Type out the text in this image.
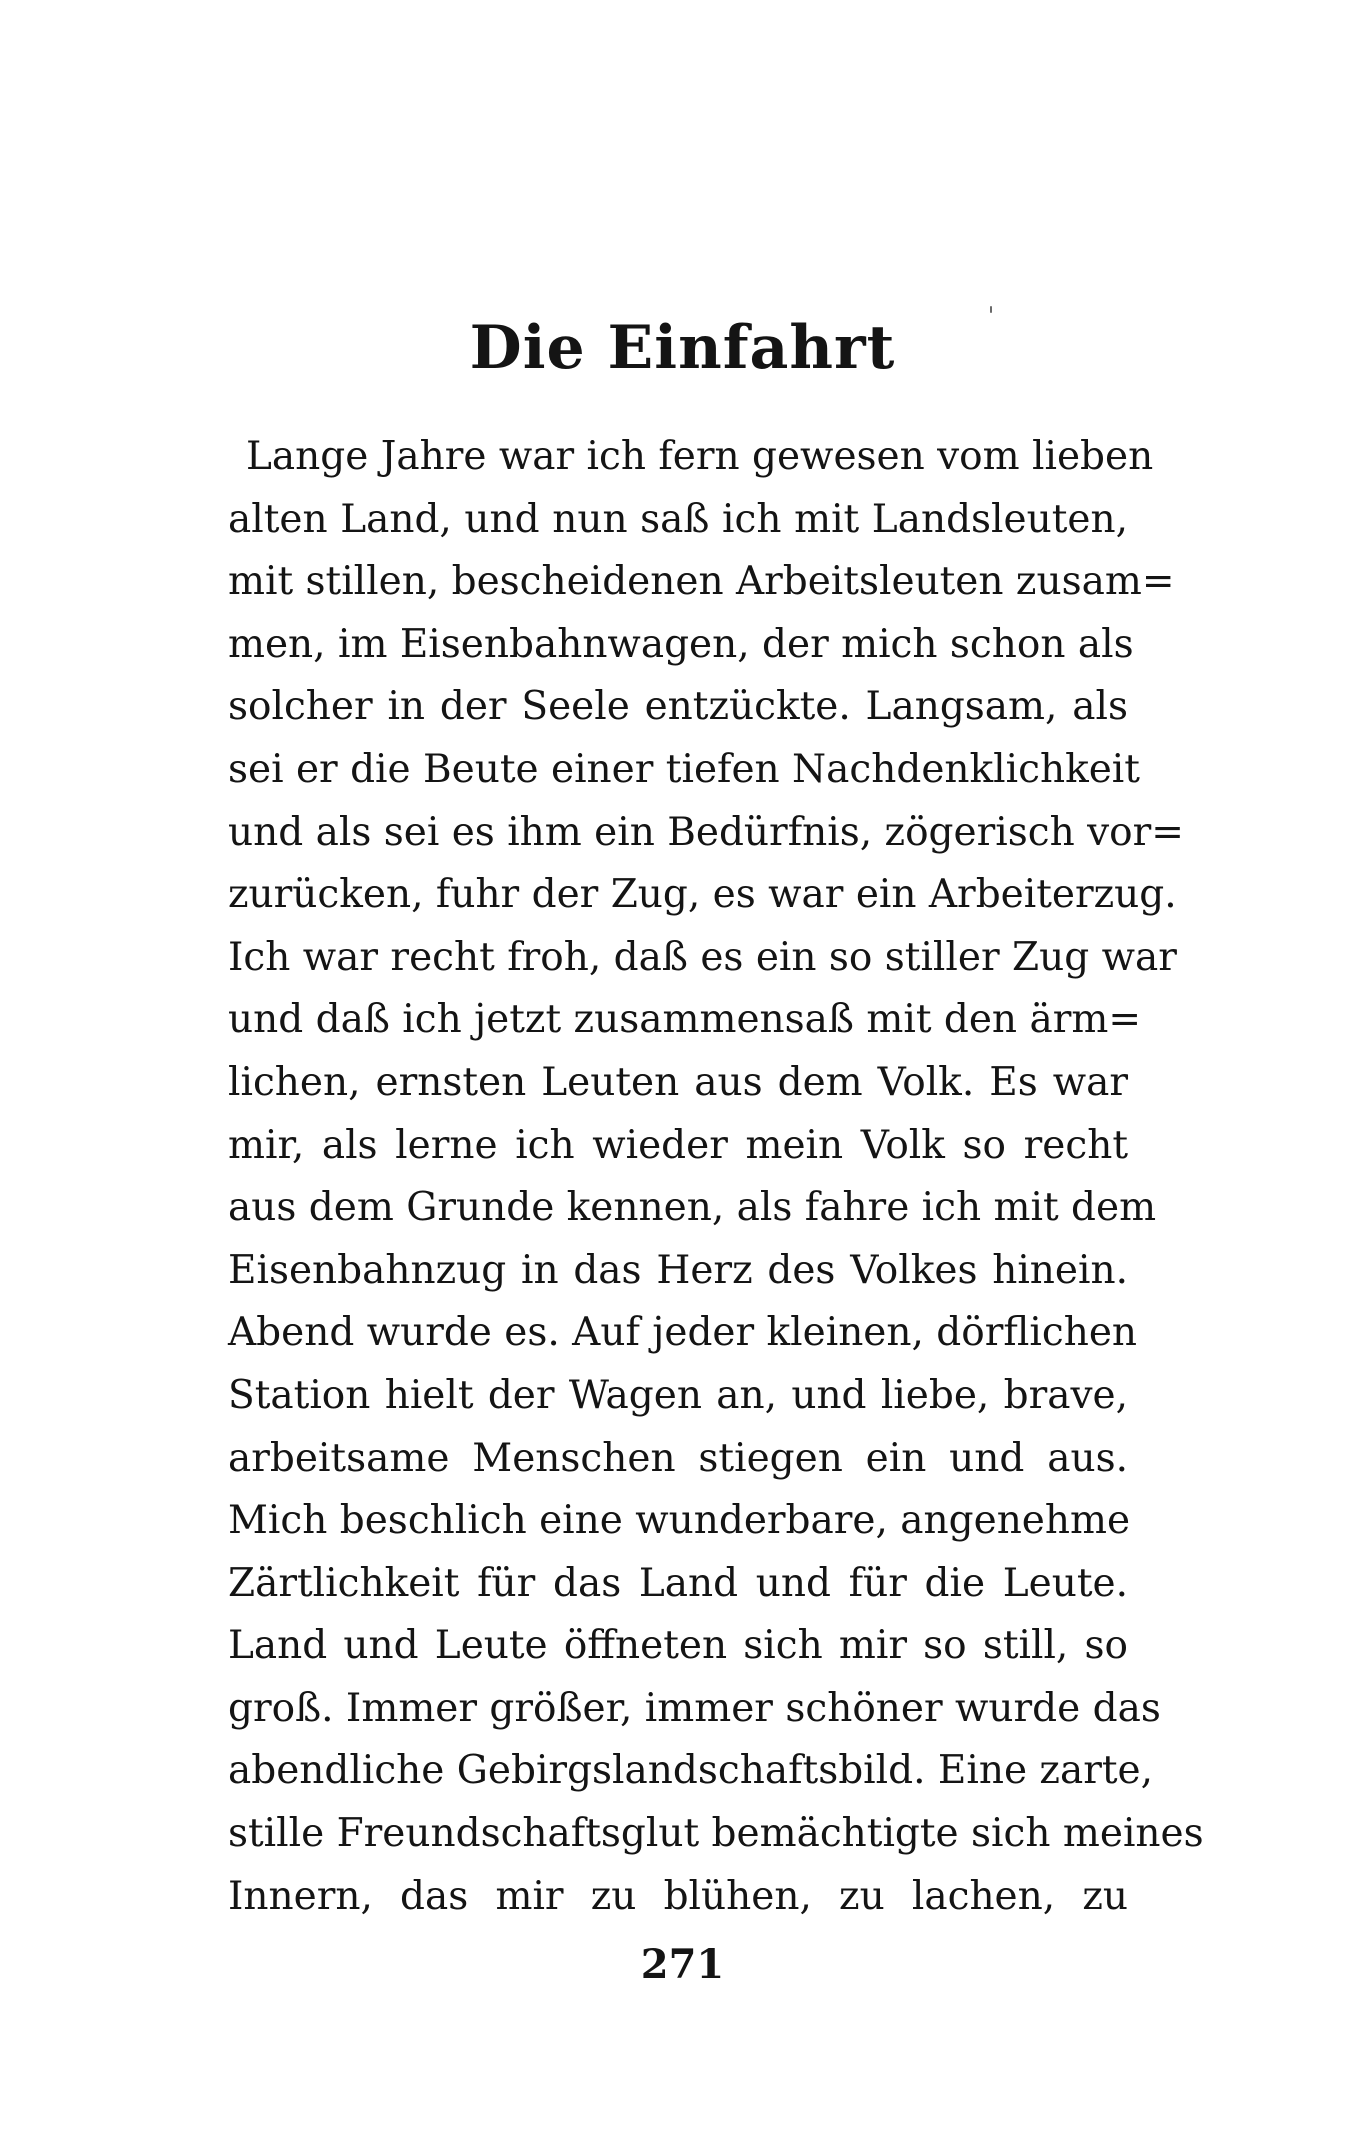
Die Einfahrt
Lange Jahre war ich fern gewesen vom lieben
alten Land, und nun saß ich mit Landsleuten,
mit stillen, bescheidenen Arbeitsleuten zusam=
men, im Eisenbahnwagen, der mich schon als
solcher in der Seele entzückte. Langsam, als
sei er die Beute einer tiefen Nachdenklichkeit
und als sei es ihm ein Bedürfnis, zögerisch vor=
zurücken, fuhr der Zug, es war ein Arbeiterzug.
Ich war recht froh, daß es ein so stiller Zug war
und daß ich jetzt zusammensaß mit den ärm=
lichen, ernsten Leuten aus dem Volk. Es war
mir, als lerne ich wieder mein Volk so recht
aus dem Grunde kennen, als fahre ich mit dem
Eisenbahnzug in das Herz des Volkes hinein.
Abend wurde es. Auf jeder kleinen, dörflichen
Station hielt der Wagen an, und liebe, brave,
arbeitsame Menschen stiegen ein und aus.
Mich beschlich eine wunderbare, angenehme
Zärtlichkeit für das Land und für die Leute.
Land und Leute öffneten sich mir so still, so
groß. Immer größer, immer schöner wurde das
abendliche Gebirgslandschaftsbild. Eine zarte,
stille Freundschaftsglut bemächtigte sich meines
Innern, das mir zu blühen, zu lachen, zu
271
